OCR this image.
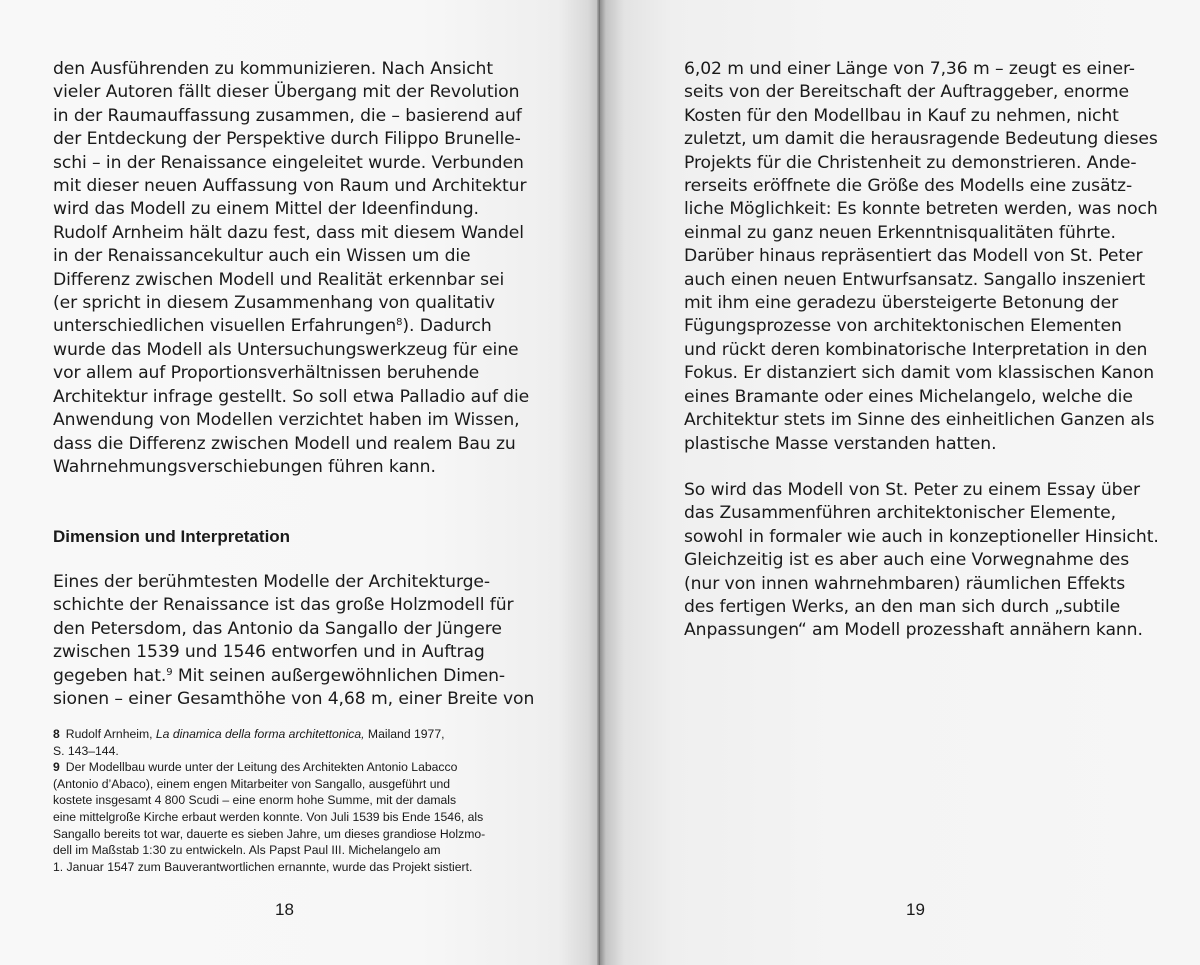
den Ausführenden zu kommunizieren. Nach Ansicht
vieler Autoren fällt dieser Übergang mit der Revolution
in der Raumauffassung zusammen, die – basierend auf
der Entdeckung der Perspektive durch Filippo Brunelle-
schi – in der Renaissance eingeleitet wurde. Verbunden
mit dieser neuen Auffassung von Raum und Architektur
wird das Modell zu einem Mittel der Ideenfindung.
Rudolf Arnheim hält dazu fest, dass mit diesem Wandel
in der Renaissancekultur auch ein Wissen um die
Differenz zwischen Modell und Realität erkennbar sei
(er spricht in diesem Zusammenhang von qualitativ
unterschiedlichen visuellen Erfahrungen$^8$). Dadurch
wurde das Modell als Untersuchungswerkzeug für eine
vor allem auf Proportionsverhältnissen beruhende
Architektur infrage gestellt. So soll etwa Palladio auf die
Anwendung von Modellen verzichtet haben im Wissen,
dass die Differenz zwischen Modell und realem Bau zu
Wahrnehmungsverschiebungen führen kann.
Dimension und Interpretation
Eines der berühmtesten Modelle der Architekturge-
schichte der Renaissance ist das große Holzmodell für
den Petersdom, das Antonio da Sangallo der Jüngere
zwischen 1539 und 1546 entworfen und in Auftrag
gegeben hat.$^9$ Mit seinen außergewöhnlichen Dimen-
sionen – einer Gesamthöhe von 4,68 m, einer Breite von
8 Rudolf Arnheim, La dinamica della forma architettonica, Mailand 1977,
S. 143–144.
9 Der Modellbau wurde unter der Leitung des Architekten Antonio Labacco
(Antonio d’Abaco), einem engen Mitarbeiter von Sangallo, ausgeführt und
kostete insgesamt 4 800 Scudi – eine enorm hohe Summe, mit der damals
eine mittelgroße Kirche erbaut werden konnte. Von Juli 1539 bis Ende 1546, als
Sangallo bereits tot war, dauerte es sieben Jahre, um dieses grandiose Holzmo-
dell im Maßstab 1:30 zu entwickeln. Als Papst Paul III. Michelangelo am
1. Januar 1547 zum Bauverantwortlichen ernannte, wurde das Projekt sistiert.
18
6,02 m und einer Länge von 7,36 m – zeugt es einer-
seits von der Bereitschaft der Auftraggeber, enorme
Kosten für den Modellbau in Kauf zu nehmen, nicht
zuletzt, um damit die herausragende Bedeutung dieses
Projekts für die Christenheit zu demonstrieren. Ande-
rerseits eröffnete die Größe des Modells eine zusätz-
liche Möglichkeit: Es konnte betreten werden, was noch
einmal zu ganz neuen Erkenntnisqualitäten führte.
Darüber hinaus repräsentiert das Modell von St. Peter
auch einen neuen Entwurfsansatz. Sangallo inszeniert
mit ihm eine geradezu übersteigerte Betonung der
Fügungsprozesse von architektonischen Elementen
und rückt deren kombinatorische Interpretation in den
Fokus. Er distanziert sich damit vom klassischen Kanon
eines Bramante oder eines Michelangelo, welche die
Architektur stets im Sinne des einheitlichen Ganzen als
plastische Masse verstanden hatten.
So wird das Modell von St. Peter zu einem Essay über
das Zusammenführen architektonischer Elemente,
sowohl in formaler wie auch in konzeptioneller Hinsicht.
Gleichzeitig ist es aber auch eine Vorwegnahme des
(nur von innen wahrnehmbaren) räumlichen Effekts
des fertigen Werks, an den man sich durch „subtile
Anpassungen“ am Modell prozesshaft annähern kann.
19
